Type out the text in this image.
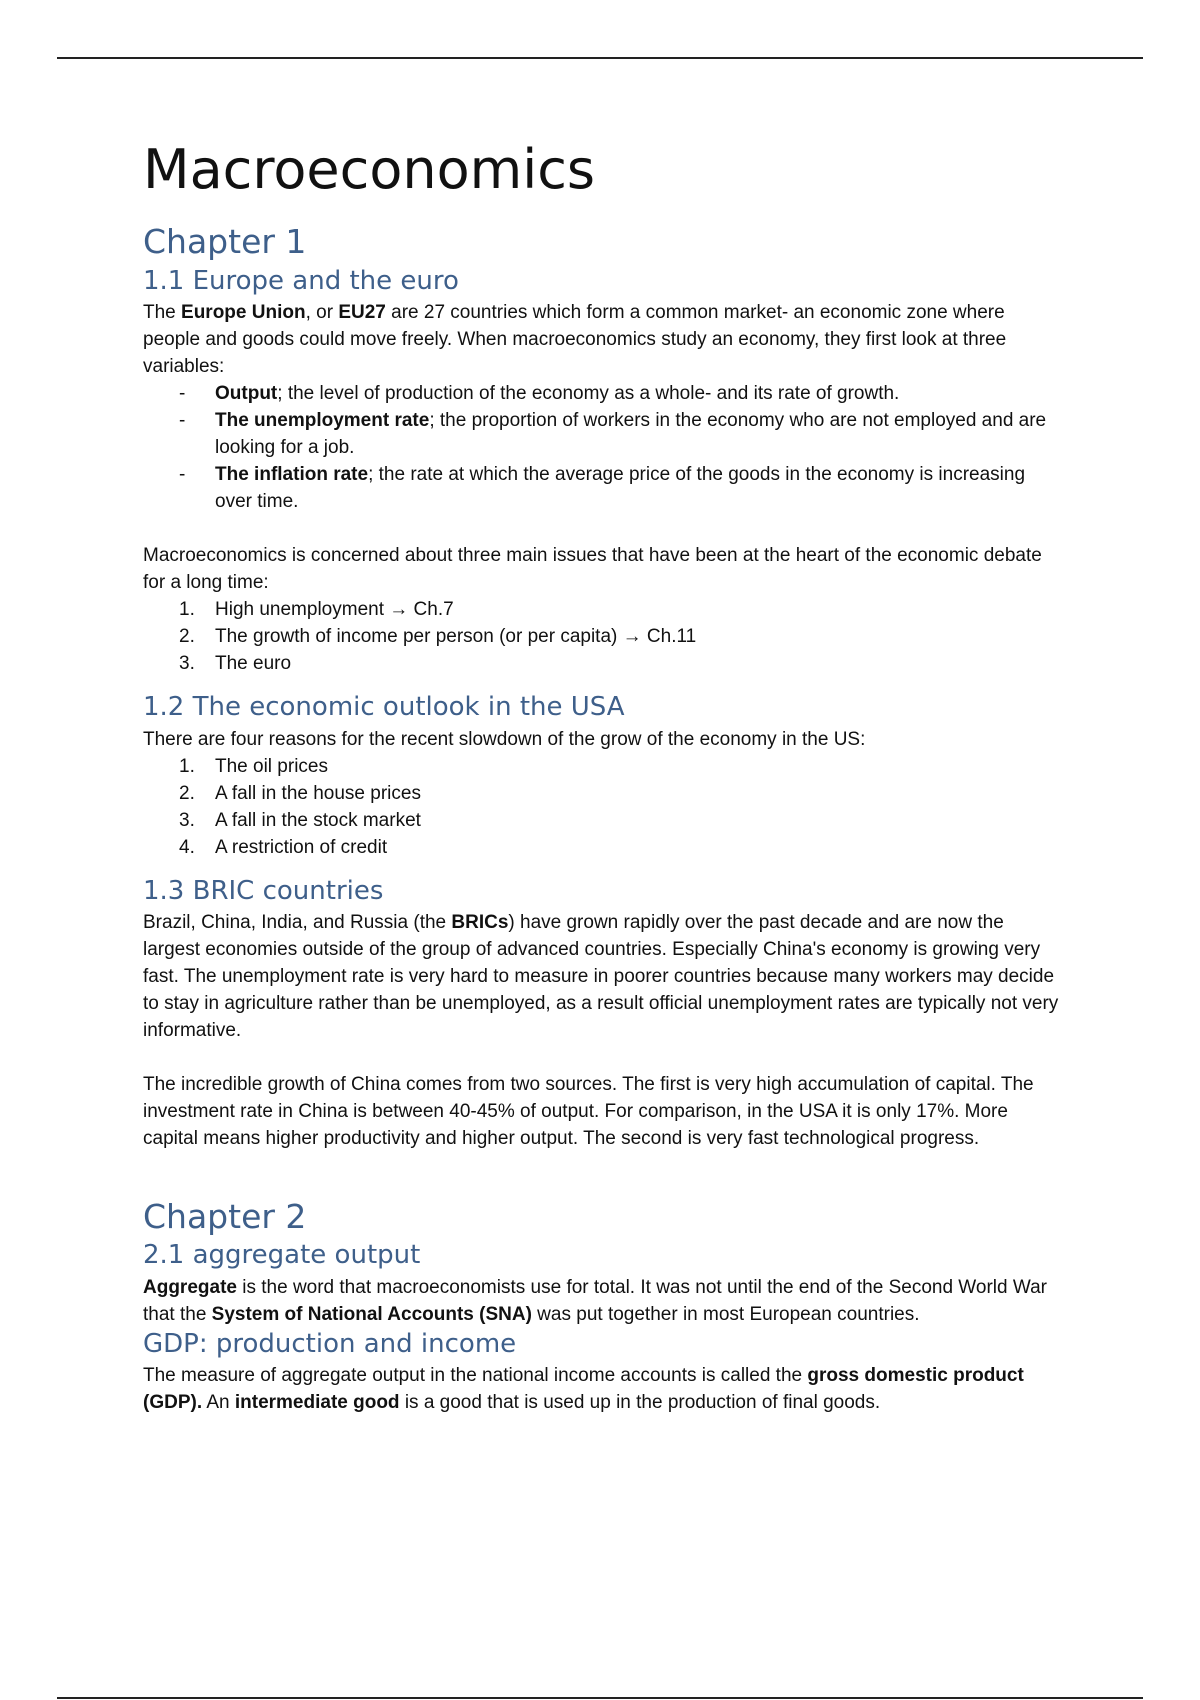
Macroeconomics
Chapter 1
1.1 Europe and the euro

The Europe Union, or EU27 are 27 countries which form a common market- an economic zone where people and goods could move freely. When macroeconomics study an economy, they first look at three variables:

- Output; the level of production of the economy as a whole- and its rate of growth.
- The unemployment rate; the proportion of workers in the economy who are not employed and are looking for a job.
- The inflation rate; the rate at which the average price of the goods in the economy is increasing over time.

Macroeconomics is concerned about three main issues that have been at the heart of the economic debate for a long time:

1. High unemployment → Ch.7
2. The growth of income per person (or per capita) → Ch.11
3. The euro
1.2 The economic outlook in the USA

There are four reasons for the recent slowdown of the grow of the economy in the US:

1. The oil prices
2. A fall in the house prices
3. A fall in the stock market
4. A restriction of credit
1.3 BRIC countries

Brazil, China, India, and Russia (the BRICs) have grown rapidly over the past decade and are now the largest economies outside of the group of advanced countries. Especially China's economy is growing very fast. The unemployment rate is very hard to measure in poorer countries because many workers may decide to stay in agriculture rather than be unemployed, as a result official unemployment rates are typically not very informative.

The incredible growth of China comes from two sources. The first is very high accumulation of capital. The investment rate in China is between 40-45% of output. For comparison, in the USA it is only 17%. More capital means higher productivity and higher output. The second is very fast technological progress.

Chapter 2
2.1 aggregate output

Aggregate is the word that macroeconomists use for total. It was not until the end of the Second World War that the System of National Accounts (SNA) was put together in most European countries.

GDP: production and income

The measure of aggregate output in the national income accounts is called the gross domestic product (GDP). An intermediate good is a good that is used up in the production of final goods.
